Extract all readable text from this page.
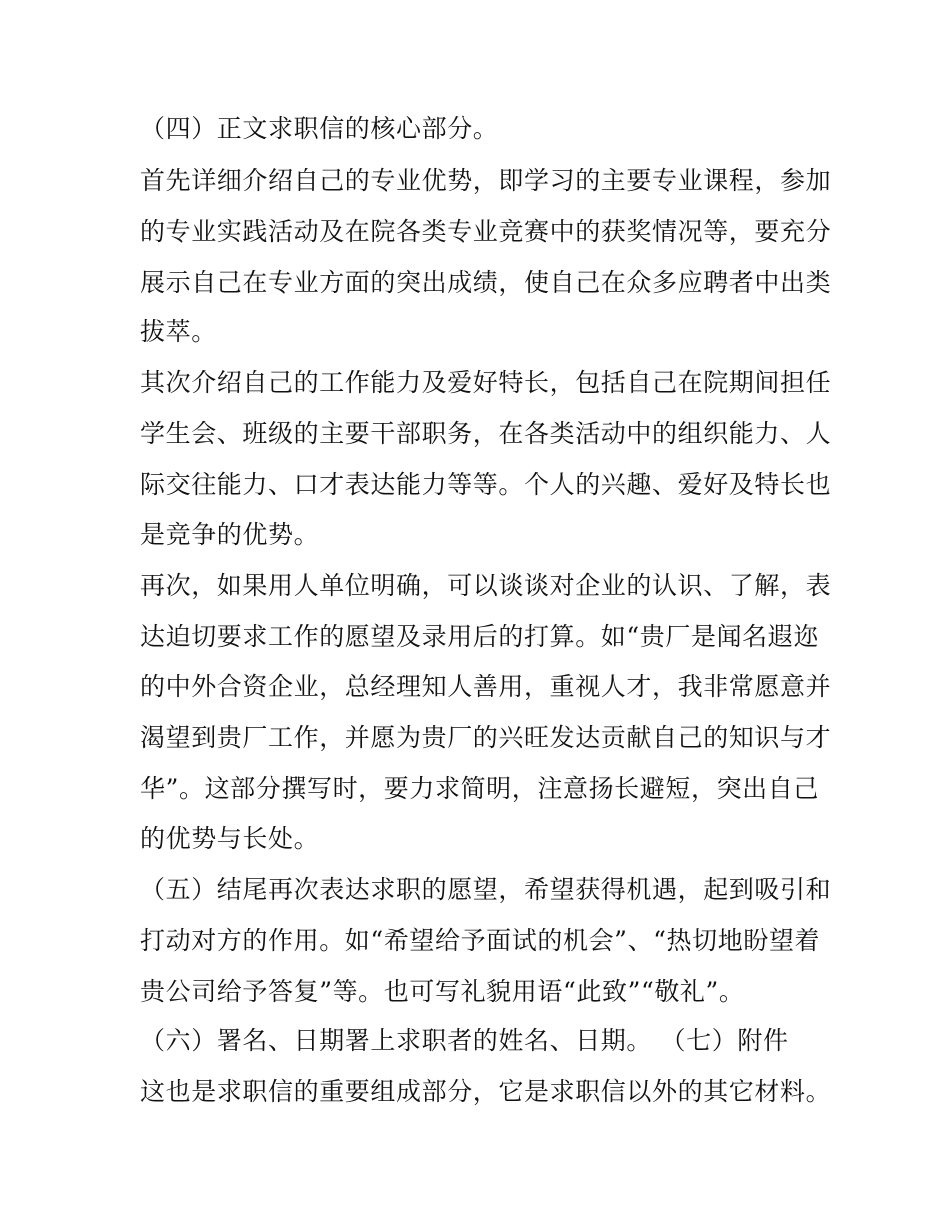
（四）正文求职信的核心部分。
首先详细介绍自己的专业优势，即学习的主要专业课程，参加
的专业实践活动及在院各类专业竞赛中的获奖情况等，要充分
展示自己在专业方面的突出成绩，使自己在众多应聘者中出类
拔萃。
其次介绍自己的工作能力及爱好特长，包括自己在院期间担任
学生会、班级的主要干部职务，在各类活动中的组织能力、人
际交往能力、口才表达能力等等。个人的兴趣、爱好及特长也
是竞争的优势。
再次，如果用人单位明确，可以谈谈对企业的认识、了解，表
达迫切要求工作的愿望及录用后的打算。如“贵厂是闻名遐迩
的中外合资企业，总经理知人善用，重视人才，我非常愿意并
渴望到贵厂工作，并愿为贵厂的兴旺发达贡献自己的知识与才
华”。这部分撰写时，要力求简明，注意扬长避短，突出自己
的优势与长处。
（五）结尾再次表达求职的愿望，希望获得机遇，起到吸引和
打动对方的作用。如“希望给予面试的机会”、“热切地盼望着
贵公司给予答复”等。也可写礼貌用语“此致”“敬礼”。
（六）署名、日期署上求职者的姓名、日期。 （七）附件
这也是求职信的重要组成部分，它是求职信以外的其它材料。
